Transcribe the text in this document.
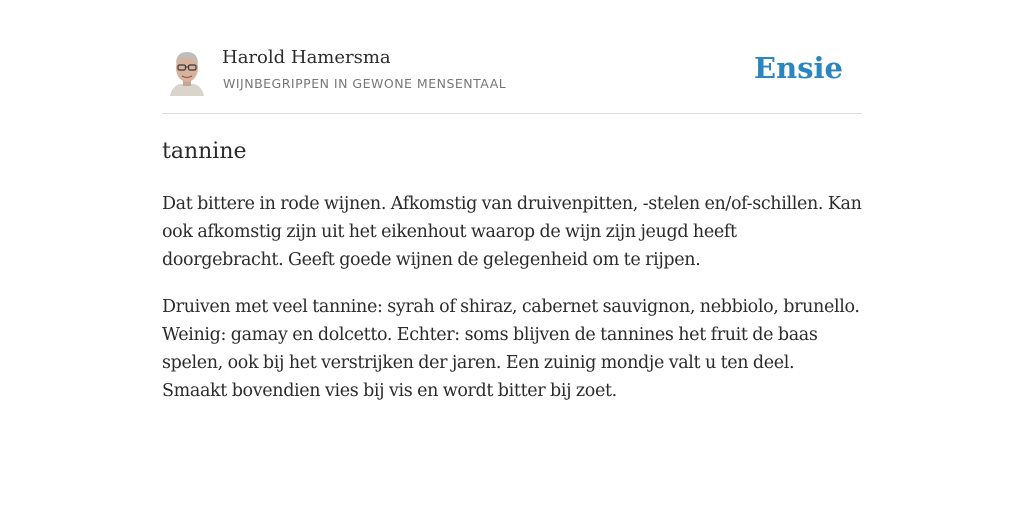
Harold Hamersma
WIJNBEGRIPPEN IN GEWONE MENSENTAAL	Ensie
tannine

Dat bittere in rode wijnen. Afkomstig van druivenpitten, -stelen en/of-schillen. Kan ook afkomstig zijn uit het eikenhout waarop de wijn zijn jeugd heeft doorgebracht. Geeft goede wijnen de gelegenheid om te rijpen.

Druiven met veel tannine: syrah of shiraz, cabernet sauvignon, nebbiolo, brunello. Weinig: gamay en dolcetto. Echter: soms blijven de tannines het fruit de baas spelen, ook bij het verstrijken der jaren. Een zuinig mondje valt u ten deel. Smaakt bovendien vies bij vis en wordt bitter bij zoet.
